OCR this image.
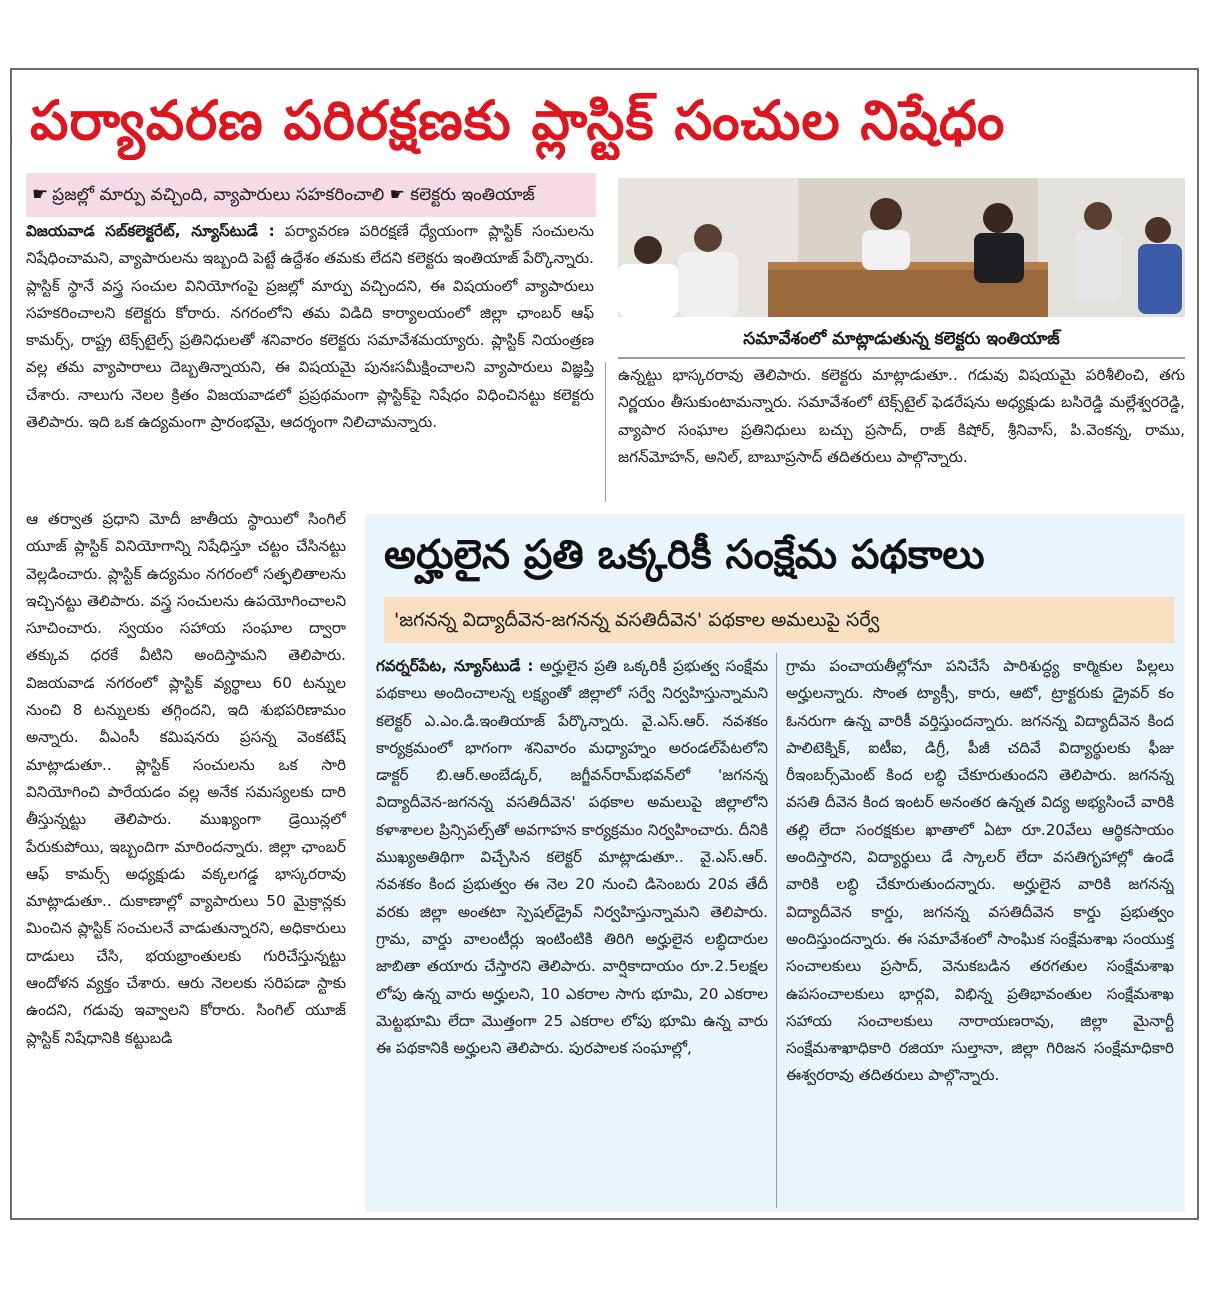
పర్యావరణ పరిరక్షణకు ప్లాస్టిక్ సంచుల నిషేధం
☛ ప్రజల్లో మార్పు వచ్చింది, వ్యాపారులు సహకరించాలి ☛ కలెక్టరు ఇంతియాజ్
సమావేశంలో మాట్లాడుతున్న కలెక్టరు ఇంతియాజ్
విజయవాడ సబ్‌కలెక్టరేట్, న్యూస్‌టుడే : పర్యావరణ పరిరక్షణే ధ్యేయంగా ప్లాస్టిక్ సంచులను నిషేధించామని, వ్యాపారులను ఇబ్బంది పెట్టే ఉద్దేశం తమకు లేదని కలెక్టరు ఇంతియాజ్ పేర్కొన్నారు. ప్లాస్టిక్ స్థానే వస్త్ర సంచుల వినియోగంపై ప్రజల్లో మార్పు వచ్చిందని, ఈ విషయంలో వ్యాపారులు సహకరించాలని కలెక్టరు కోరారు. నగరంలోని తమ విడిది కార్యాలయంలో జిల్లా ఛాంబర్ ఆఫ్ కామర్స్, రాష్ట్ర టెక్స్‌టైల్స్ ప్రతినిధులతో శనివారం కలెక్టరు సమావేశమయ్యారు. ప్లాస్టిక్ నియంత్రణ వల్ల తమ వ్యాపారాలు దెబ్బతిన్నాయని, ఈ విషయమై పునఃసమీక్షించాలని వ్యాపారులు విజ్ఞప్తి చేశారు. నాలుగు నెలల క్రితం విజయవాడలో ప్రప్రథమంగా ప్లాస్టిక్‌పై నిషేధం విధించినట్టు కలెక్టరు తెలిపారు. ఇది ఒక ఉద్యమంగా ప్రారంభమై, ఆదర్శంగా నిలిచామన్నారు.
ఉన్నట్టు భాస్కరరావు తెలిపారు. కలెక్టరు మాట్లాడుతూ.. గడువు విషయమై పరిశీలించి, తగు నిర్ణయం తీసుకుంటామన్నారు. సమావేశంలో టెక్స్‌టైల్ ఫెడరేషను అధ్యక్షుడు బసిరెడ్డి మల్లేశ్వరరెడ్డి, వ్యాపార సంఘాల ప్రతినిధులు బచ్చు ప్రసాద్, రాజ్ కిషోర్, శ్రీనివాస్, పి.వెంకన్న, రాము, జగన్‌మోహన్, అనిల్, బాబూప్రసాద్ తదితరులు పాల్గొన్నారు.
ఆ తర్వాత ప్రధాని మోదీ జాతీయ స్థాయిలో సింగిల్ యూజ్ ప్లాస్టిక్ వినియోగాన్ని నిషేధిస్తూ చట్టం చేసినట్టు వెల్లడించారు. ప్లాస్టిక్ ఉద్యమం నగరంలో సత్ఫలితాలను ఇచ్చినట్టు తెలిపారు. వస్త్ర సంచులను ఉపయోగించాలని సూచించారు. స్వయం సహాయ సంఘాల ద్వారా తక్కువ ధరకే వీటిని అందిస్తామని తెలిపారు. విజయవాడ నగరంలో ప్లాస్టిక్ వ్యర్థాలు 60 టన్నుల నుంచి 8 టన్నులకు తగ్గిందని, ఇది శుభపరిణామం అన్నారు. వీఎంసీ కమిషనరు ప్రసన్న వెంకటేష్ మాట్లాడుతూ.. ప్లాస్టిక్ సంచులను ఒక సారి వినియోగించి పారేయడం వల్ల అనేక సమస్యలకు దారి తీస్తున్నట్టు తెలిపారు. ముఖ్యంగా డ్రెయిన్లలో పేరుకుపోయి, ఇబ్బందిగా మారిందన్నారు. జిల్లా ఛాంబర్ ఆఫ్ కామర్స్ అధ్యక్షుడు వక్కలగడ్డ భాస్కరరావు మాట్లాడుతూ.. దుకాణాల్లో వ్యాపారులు 50 మైక్రాన్లకు మించిన ప్లాస్టిక్ సంచులనే వాడుతున్నారని, అధికారులు దాడులు చేసి, భయభ్రాంతులకు గురిచేస్తున్నట్టు ఆందోళన వ్యక్తం చేశారు. ఆరు నెలలకు సరిపడా స్టాకు ఉందని, గడువు ఇవ్వాలని కోరారు. సింగిల్ యూజ్ ప్లాస్టిక్ నిషేధానికి కట్టుబడి
అర్హులైన ప్రతి ఒక్కరికీ సంక్షేమ పథకాలు
'జగనన్న విద్యాదీవెన-జగనన్న వసతిదీవెన' పథకాల అమలుపై సర్వే
గవర్నర్‌పేట, న్యూస్‌టుడే : అర్హులైన ప్రతి ఒక్కరికీ ప్రభుత్వ సంక్షేమ పథకాలు అందించాలన్న లక్ష్యంతో జిల్లాలో సర్వే నిర్వహిస్తున్నామని కలెక్టర్ ఎ.ఎం.డి.ఇంతియాజ్ పేర్కొన్నారు. వై.ఎస్.ఆర్. నవశకం కార్యక్రమంలో భాగంగా శనివారం మధ్యాహ్నం అరండల్‌పేటలోని డాక్టర్ బి.ఆర్.అంబేడ్కర్, జగ్జీవన్‌రామ్‌భవన్‌లో 'జగనన్న విద్యాదీవెన-జగనన్న వసతిదీవెన' పథకాల అమలుపై జిల్లాలోని కళాశాలల ప్రిన్సిపల్స్‌తో అవగాహన కార్యక్రమం నిర్వహించారు. దీనికి ముఖ్యఅతిథిగా విచ్చేసిన కలెక్టర్ మాట్లాడుతూ.. వై.ఎస్.ఆర్. నవశకం కింద ప్రభుత్వం ఈ నెల 20 నుంచి డిసెంబరు 20వ తేదీ వరకు జిల్లా అంతటా స్పెషల్‌డ్రైవ్ నిర్వహిస్తున్నామని తెలిపారు. గ్రామ, వార్డు వాలంటీర్లు ఇంటింటికి తిరిగి అర్హులైన లబ్ధిదారుల జాబితా తయారు చేస్తారని తెలిపారు. వార్షికాదాయం రూ.2.5లక్షల లోపు ఉన్న వారు అర్హులని, 10 ఎకరాల సాగు భూమి, 20 ఎకరాల మెట్టభూమి లేదా మొత్తంగా 25 ఎకరాల లోపు భూమి ఉన్న వారు ఈ పథకానికి అర్హులని తెలిపారు. పురపాలక సంఘాల్లో,
గ్రామ పంచాయతీల్లోనూ పనిచేసే పారిశుద్ధ్య కార్మికుల పిల్లలు అర్హులన్నారు. సొంత ట్యాక్సీ, కారు, ఆటో, ట్రాక్టరుకు డ్రైవర్ కం ఓనరుగా ఉన్న వారికీ వర్తిస్తుందన్నారు. జగనన్న విద్యాదీవెన కింద పాలిటెక్నిక్, ఐటీఐ, డిగ్రీ, పీజీ చదివే విద్యార్థులకు ఫీజు రీఇంబర్స్‌మెంట్ కింద లబ్ధి చేకూరుతుందని తెలిపారు. జగనన్న వసతి దీవెన కింద ఇంటర్ అనంతర ఉన్నత విద్య అభ్యసించే వారికి తల్లి లేదా సంరక్షకుల ఖాతాలో ఏటా రూ.20వేలు ఆర్థికసాయం అందిస్తారని, విద్యార్థులు డే స్కాలర్ లేదా వసతిగృహాల్లో ఉండే వారికి లబ్ధి చేకూరుతుందన్నారు. అర్హులైన వారికి జగనన్న విద్యాదీవెన కార్డు, జగనన్న వసతిదీవెన కార్డు ప్రభుత్వం అందిస్తుందన్నారు. ఈ సమావేశంలో సాంఘిక సంక్షేమశాఖ సంయుక్త సంచాలకులు ప్రసాద్, వెనుకబడిన తరగతుల సంక్షేమశాఖ ఉపసంచాలకులు భార్గవి, విభిన్న ప్రతిభావంతుల సంక్షేమశాఖ సహాయ సంచాలకులు నారాయణరావు, జిల్లా మైనార్టీ సంక్షేమశాఖాధికారి రజియా సుల్తానా, జిల్లా గిరిజన సంక్షేమాధికారి ఈశ్వరరావు తదితరులు పాల్గొన్నారు.
